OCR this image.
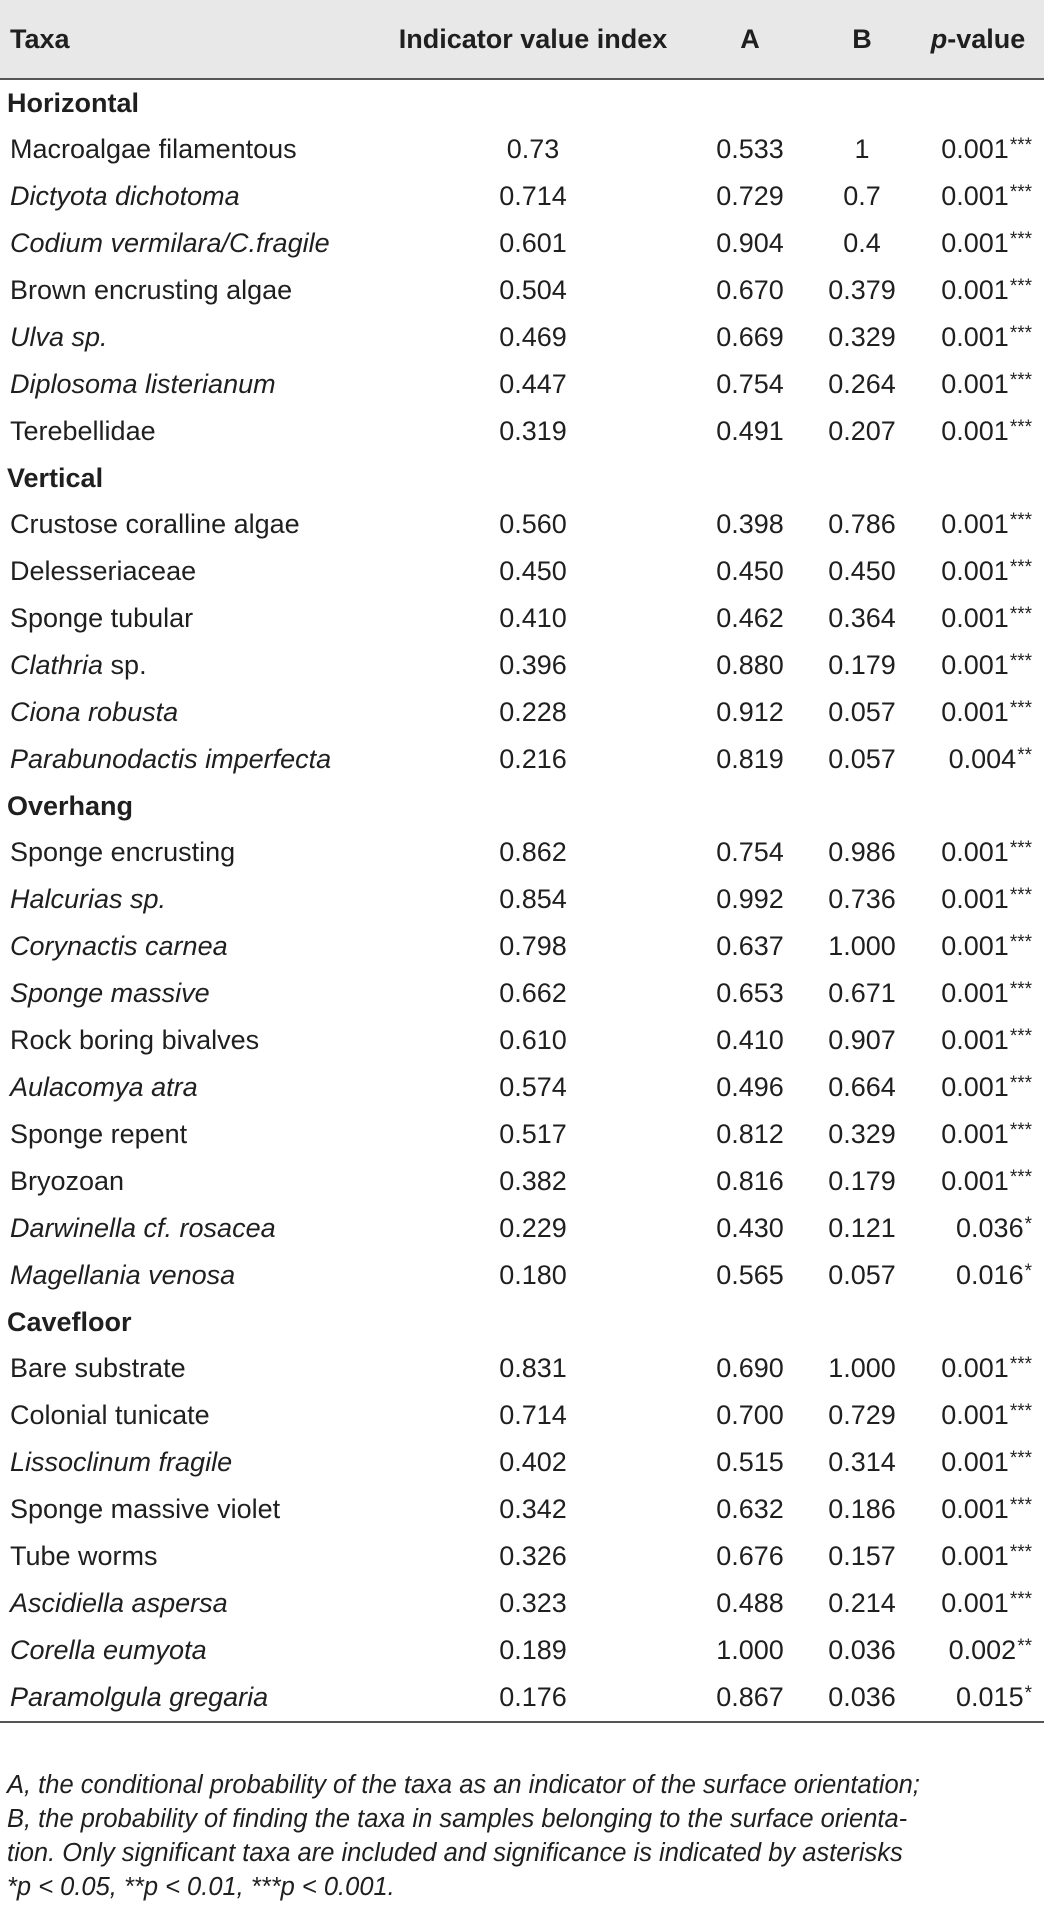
Taxa	Indicator value index	A	B	p-value
Horizontal				
Macroalgae filamentous	0.73	0.533	1	0.001***
Dictyota dichotoma	0.714	0.729	0.7	0.001***
Codium vermilara/C.fragile	0.601	0.904	0.4	0.001***
Brown encrusting algae	0.504	0.670	0.379	0.001***
Ulva sp.	0.469	0.669	0.329	0.001***
Diplosoma listerianum	0.447	0.754	0.264	0.001***
Terebellidae	0.319	0.491	0.207	0.001***
Vertical				
Crustose coralline algae	0.560	0.398	0.786	0.001***
Delesseriaceae	0.450	0.450	0.450	0.001***
Sponge tubular	0.410	0.462	0.364	0.001***
Clathria sp.	0.396	0.880	0.179	0.001***
Ciona robusta	0.228	0.912	0.057	0.001***
Parabunodactis imperfecta	0.216	0.819	0.057	0.004**
Overhang				
Sponge encrusting	0.862	0.754	0.986	0.001***
Halcurias sp.	0.854	0.992	0.736	0.001***
Corynactis carnea	0.798	0.637	1.000	0.001***
Sponge massive	0.662	0.653	0.671	0.001***
Rock boring bivalves	0.610	0.410	0.907	0.001***
Aulacomya atra	0.574	0.496	0.664	0.001***
Sponge repent	0.517	0.812	0.329	0.001***
Bryozoan	0.382	0.816	0.179	0.001***
Darwinella cf. rosacea	0.229	0.430	0.121	0.036*
Magellania venosa	0.180	0.565	0.057	0.016*
Cavefloor				
Bare substrate	0.831	0.690	1.000	0.001***
Colonial tunicate	0.714	0.700	0.729	0.001***
Lissoclinum fragile	0.402	0.515	0.314	0.001***
Sponge massive violet	0.342	0.632	0.186	0.001***
Tube worms	0.326	0.676	0.157	0.001***
Ascidiella aspersa	0.323	0.488	0.214	0.001***
Corella eumyota	0.189	1.000	0.036	0.002**
Paramolgula gregaria	0.176	0.867	0.036	0.015*
A, the conditional probability of the taxa as an indicator of the surface orientation;
B, the probability of finding the taxa in samples belonging to the surface orienta-
tion. Only significant taxa are included and significance is indicated by asterisks
*p < 0.05, **p < 0.01, ***p < 0.001.
